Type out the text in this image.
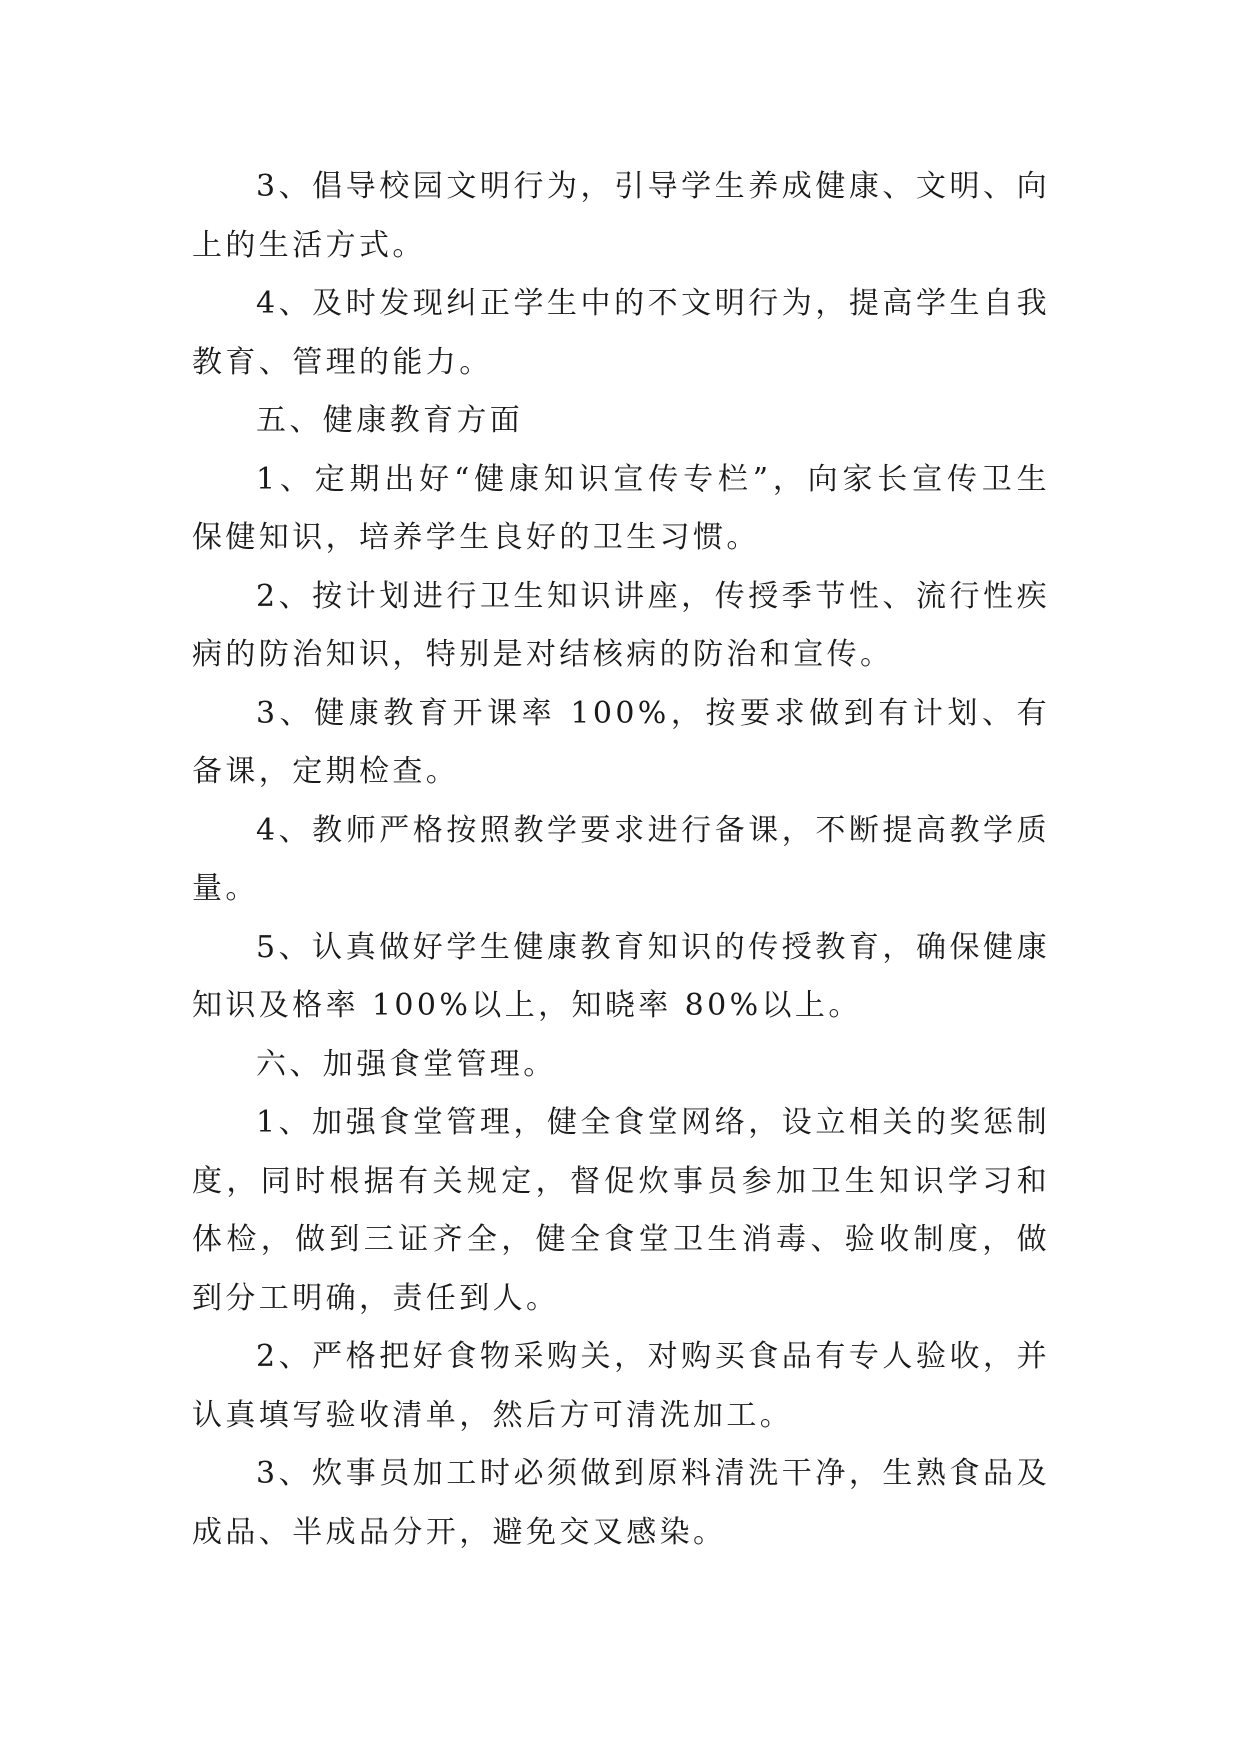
3、倡导校园文明行为，引导学生养成健康、文明、向上的生活方式。

4、及时发现纠正学生中的不文明行为，提高学生自我教育、管理的能力。

五、健康教育方面

1、定期出好“健康知识宣传专栏”，向家长宣传卫生保健知识，培养学生良好的卫生习惯。

2、按计划进行卫生知识讲座，传授季节性、流行性疾病的防治知识，特别是对结核病的防治和宣传。

3、健康教育开课率 100%，按要求做到有计划、有备课，定期检查。

4、教师严格按照教学要求进行备课，不断提高教学质量。

5、认真做好学生健康教育知识的传授教育，确保健康知识及格率 100%以上，知晓率 80%以上。

六、加强食堂管理。

1、加强食堂管理，健全食堂网络，设立相关的奖惩制度，同时根据有关规定，督促炊事员参加卫生知识学习和体检，做到三证齐全，健全食堂卫生消毒、验收制度，做到分工明确，责任到人。

2、严格把好食物采购关，对购买食品有专人验收，并认真填写验收清单，然后方可清洗加工。

3、炊事员加工时必须做到原料清洗干净，生熟食品及成品、半成品分开，避免交叉感染。
